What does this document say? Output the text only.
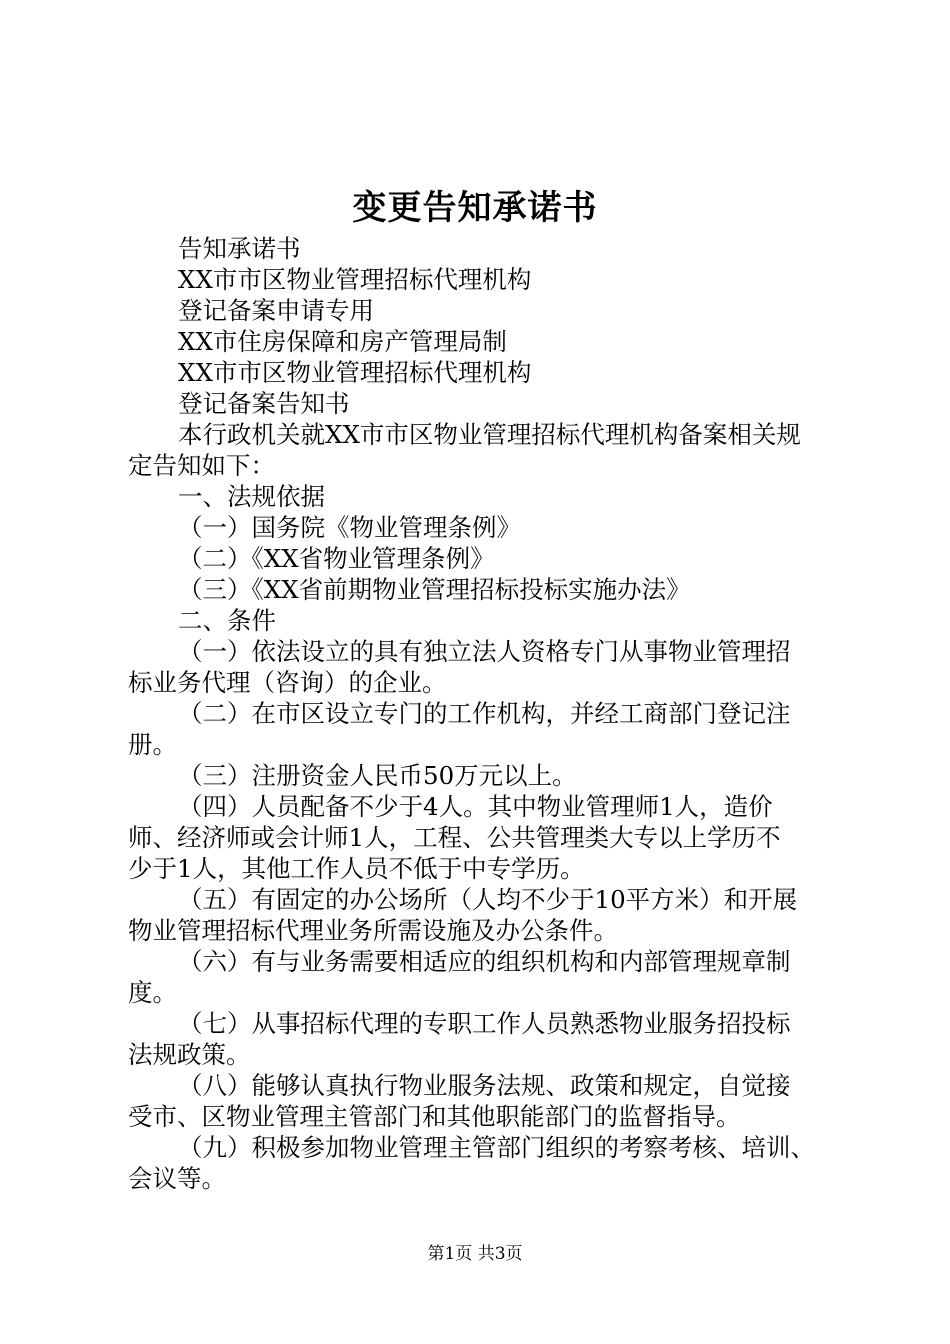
变更告知承诺书
告知承诺书
XX市市区物业管理招标代理机构
登记备案申请专用
XX市住房保障和房产管理局制
XX市市区物业管理招标代理机构
登记备案告知书
本行政机关就XX市市区物业管理招标代理机构备案相关规
定告知如下：
一、法规依据
（一）国务院《物业管理条例》
（二）《XX省物业管理条例》
（三）《XX省前期物业管理招标投标实施办法》
二、条件
（一）依法设立的具有独立法人资格专门从事物业管理招
标业务代理（咨询）的企业。
（二）在市区设立专门的工作机构，并经工商部门登记注
册。
（三）注册资金人民币50万元以上。
（四）人员配备不少于4人。其中物业管理师1人，造价
师、经济师或会计师1人，工程、公共管理类大专以上学历不
少于1人，其他工作人员不低于中专学历。
（五）有固定的办公场所（人均不少于10平方米）和开展
物业管理招标代理业务所需设施及办公条件。
（六）有与业务需要相适应的组织机构和内部管理规章制
度。
（七）从事招标代理的专职工作人员熟悉物业服务招投标
法规政策。
（八）能够认真执行物业服务法规、政策和规定，自觉接
受市、区物业管理主管部门和其他职能部门的监督指导。
（九）积极参加物业管理主管部门组织的考察考核、培训、
会议等。
第1页 共3页
